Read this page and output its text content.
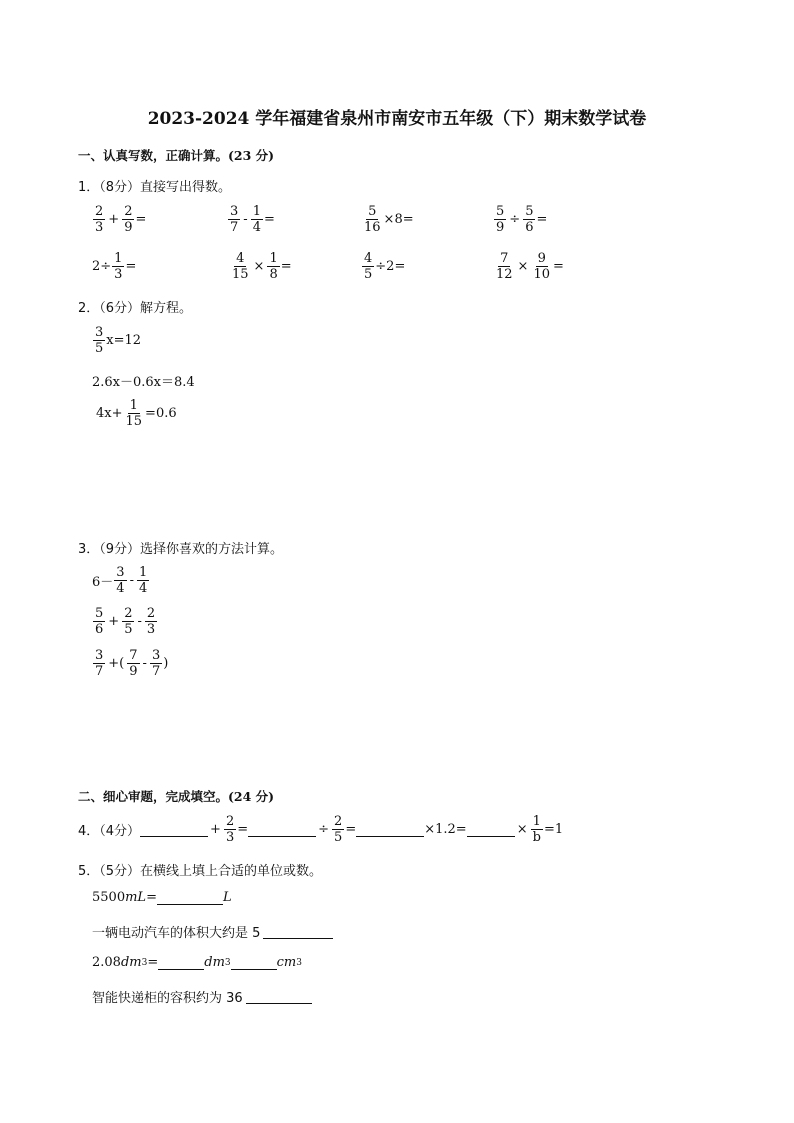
2023-2024 学年福建省泉州市南安市五年级（下）期末数学试卷
一、认真写数，正确计算。(23 分)
1．（8分）直接写出得数。
$\frac{2}{3} + \frac{2}{9}$ =	$\frac{3}{7} - \frac{1}{4}$ =	$\frac{5}{16} \times 8=$	$\frac{5}{9} \div \frac{5}{6}$ =
$2\div \frac{1}{3}$ =	$\frac{4}{15} \times \frac{1}{8}$ =	$\frac{4}{5} \div 2=$	$\frac{7}{12} \times \frac{9}{10}$ =
2．（6分）解方程。
$\frac{3}{5} x=12$
2.6x－0.6x＝8.4
$4x+ \frac{1}{15} =0.6$
3．（9分）选择你喜欢的方法计算。
$6- \frac{3}{4} - \frac{1}{4}$
$\frac{5}{6} + \frac{2}{5} - \frac{2}{3}$
$\frac{3}{7}$ +( $\frac{7}{9} - \frac{3}{7}$ )
二、细心审题，完成填空。(24 分)
4．（4分）	+ $\frac{2}{3}$ =	÷ $\frac{2}{5}$ =	×1.2=	× $\frac{1}{b} =1$
5．（5分）在横线上填上合适的单位或数。
5500 mL =	L
一辆电动汽车的体积大约是 5
2.08 dm 3 =	dm 3	cm 3
智能快递柜的容积约为 36
